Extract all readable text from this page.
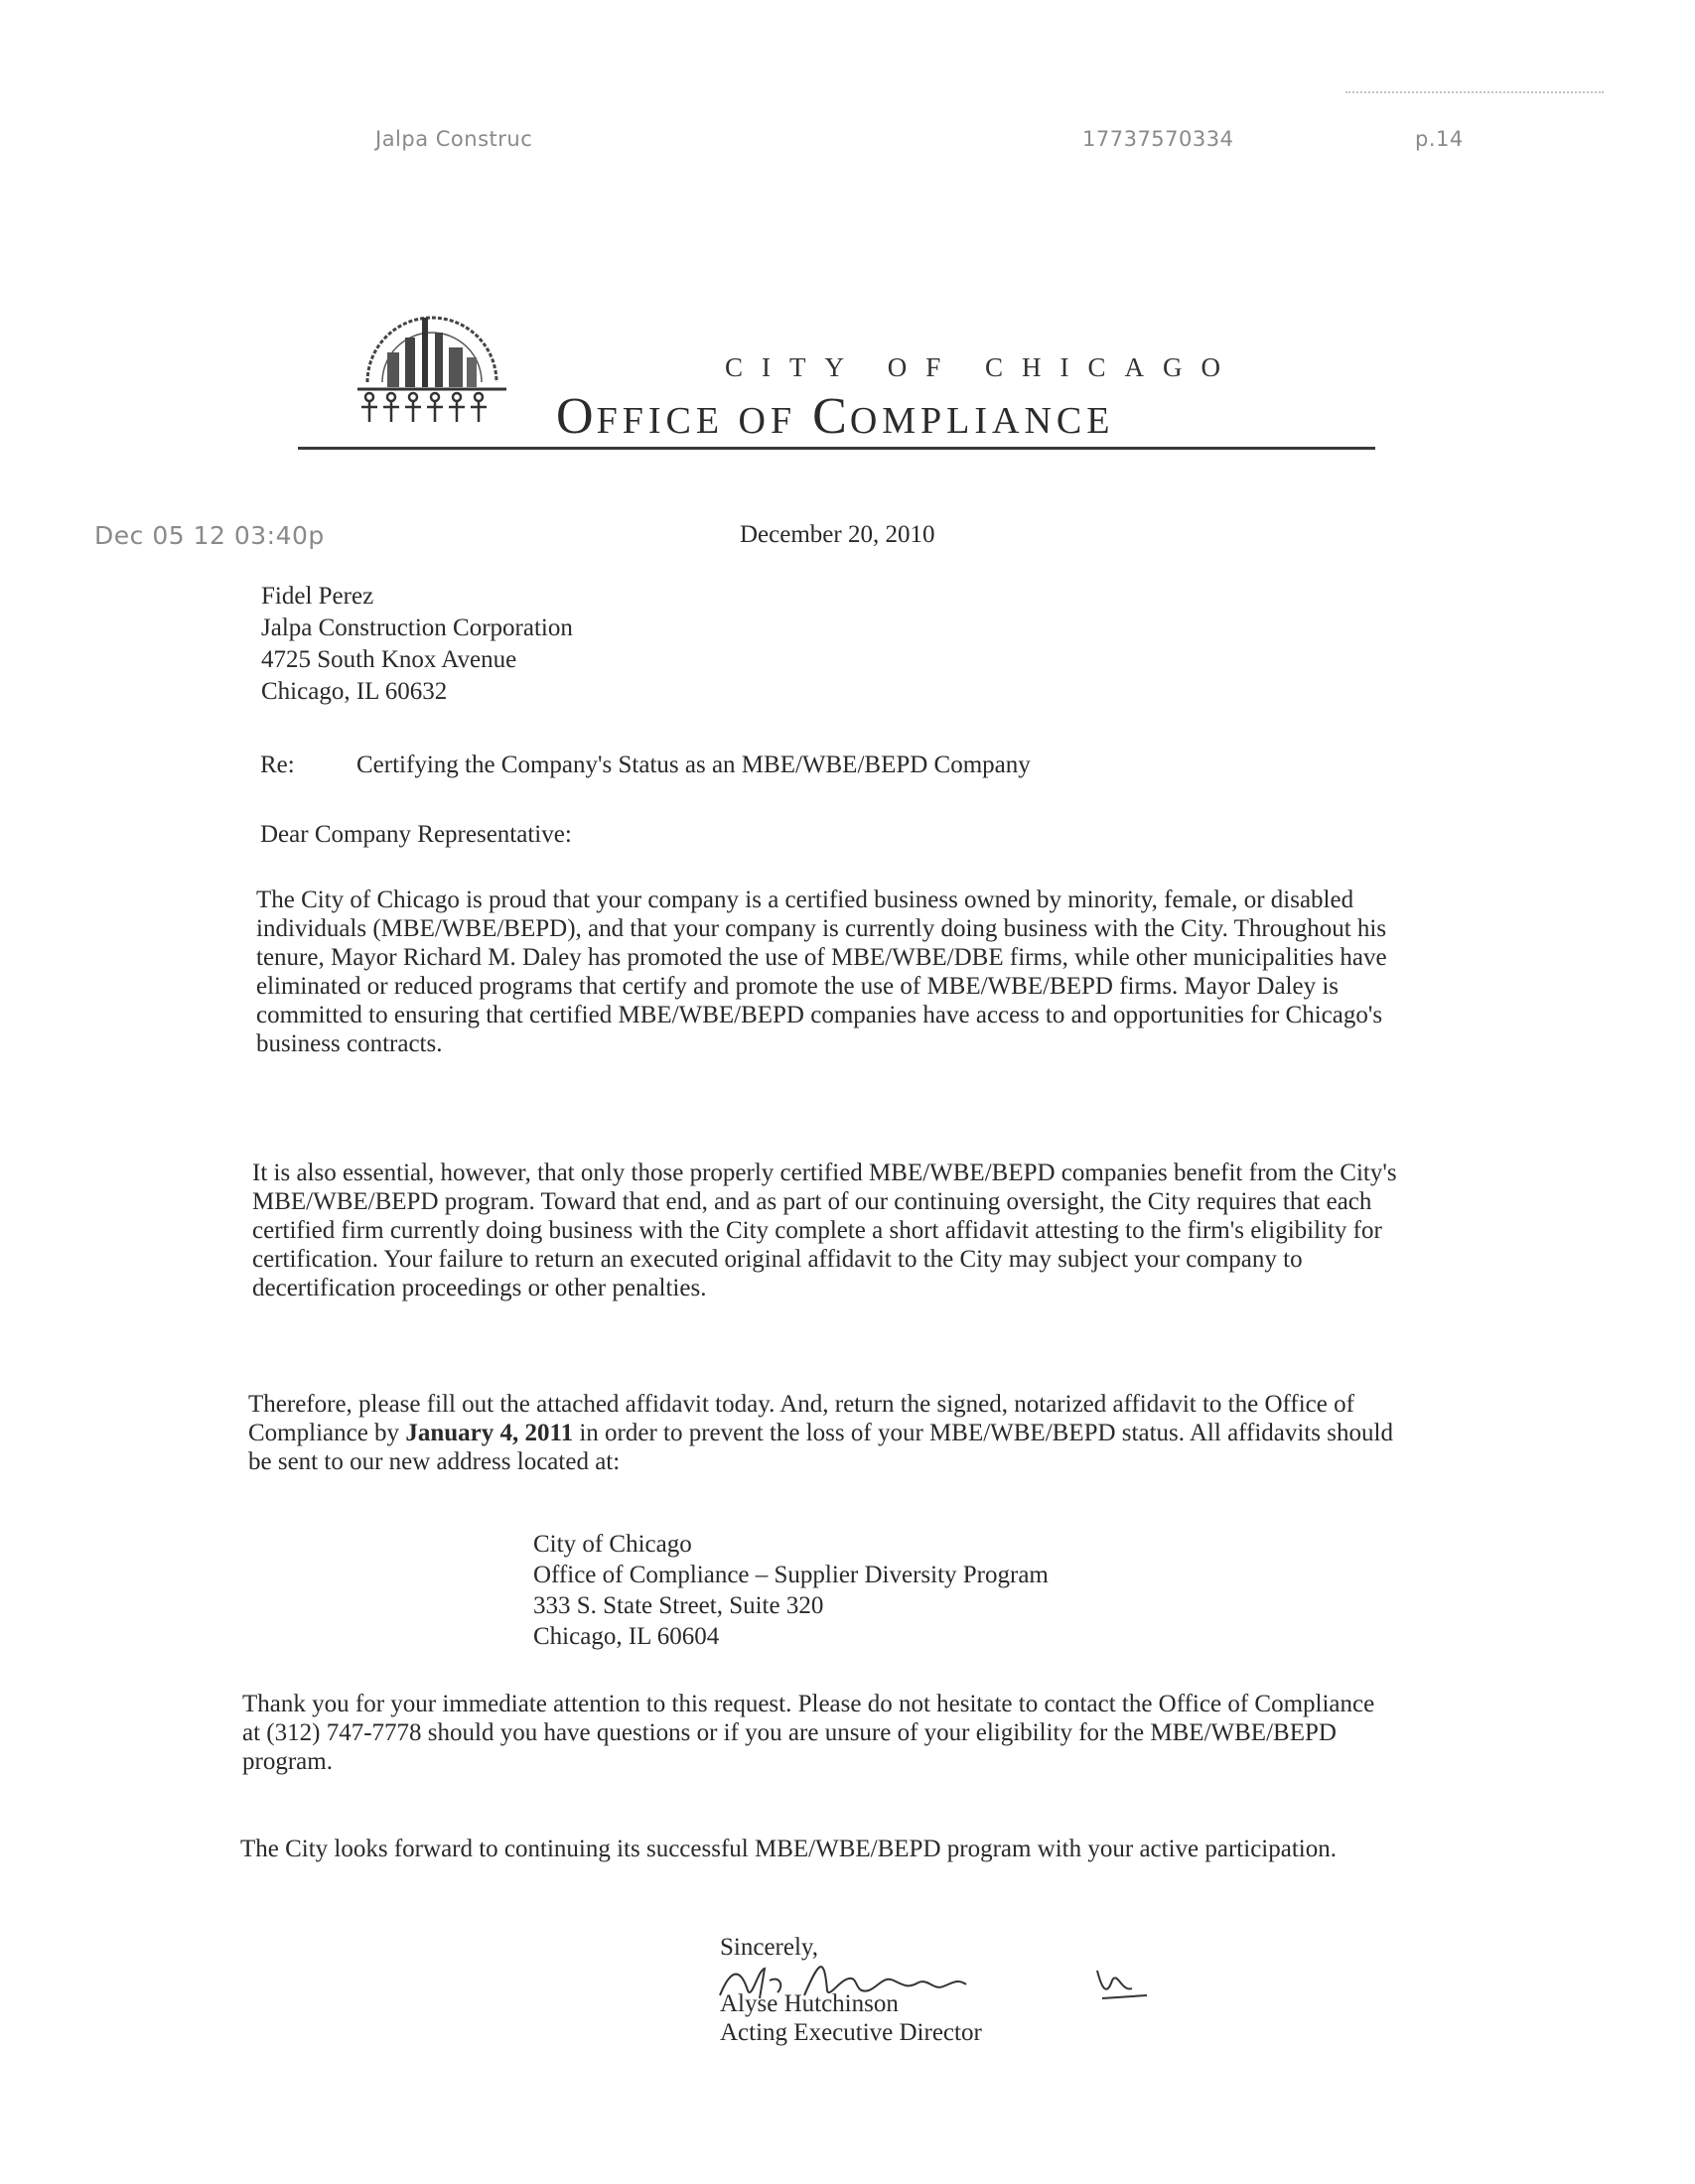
Dec 05 12 03:40p
Jalpa Construc	17737570334	p.14
CITY OF CHICAGO
OFFICE OF COMPLIANCE
December 20, 2010
Fidel Perez
Jalpa Construction Corporation
4725 South Knox Avenue
Chicago, IL 60632
Re: Certifying the Company's Status as an MBE/WBE/BEPD Company
Dear Company Representative:
The City of Chicago is proud that your company is a certified business owned by minority, female, or disabled individuals (MBE/WBE/BEPD), and that your company is currently doing business with the City. Throughout his tenure, Mayor Richard M. Daley has promoted the use of MBE/WBE/DBE firms, while other municipalities have eliminated or reduced programs that certify and promote the use of MBE/WBE/BEPD firms. Mayor Daley is committed to ensuring that certified MBE/WBE/BEPD companies have access to and opportunities for Chicago's business contracts.
It is also essential, however, that only those properly certified MBE/WBE/BEPD companies benefit from the City's MBE/WBE/BEPD program. Toward that end, and as part of our continuing oversight, the City requires that each certified firm currently doing business with the City complete a short affidavit attesting to the firm's eligibility for certification. Your failure to return an executed original affidavit to the City may subject your company to decertification proceedings or other penalties.
Therefore, please fill out the attached affidavit today. And, return the signed, notarized affidavit to the Office of Compliance by January 4, 2011 in order to prevent the loss of your MBE/WBE/BEPD status. All affidavits should be sent to our new address located at:
City of Chicago
Office of Compliance – Supplier Diversity Program
333 S. State Street, Suite 320
Chicago, IL 60604
Thank you for your immediate attention to this request. Please do not hesitate to contact the Office of Compliance at (312) 747-7778 should you have questions or if you are unsure of your eligibility for the MBE/WBE/BEPD program.
The City looks forward to continuing its successful MBE/WBE/BEPD program with your active participation.
Sincerely,
Alyse Hutchinson
Acting Executive Director
